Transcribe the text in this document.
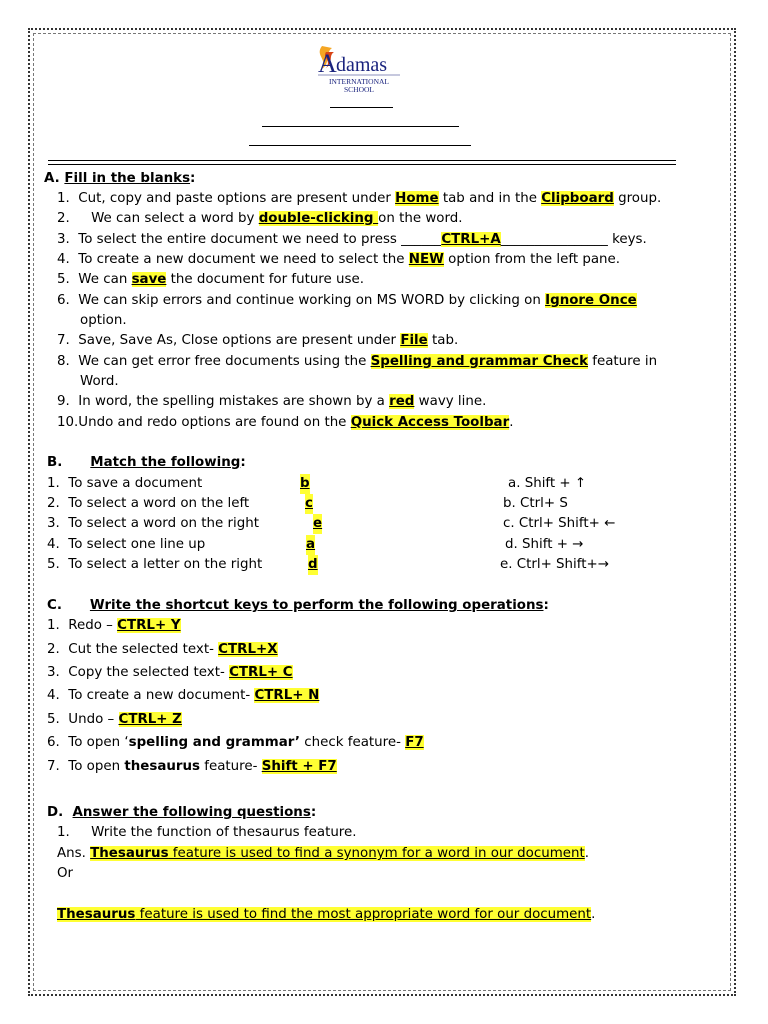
A damas
INTERNATIONAL
SCHOOL
A. Fill in the blanks:
1. Cut, copy and paste options are present under Home tab and in the Clipboard group.
2. We can select a word by double-clicking on the word.
3. To select the entire document we need to press ______CTRL+A________________ keys.
4. To create a new document we need to select the NEW option from the left pane.
5. We can save the document for future use.
6. We can skip errors and continue working on MS WORD by clicking on Ignore Once
option.
7. Save, Save As, Close options are present under File tab.
8. We can get error free documents using the Spelling and grammar Check feature in
Word.
9. In word, the spelling mistakes are shown by a red wavy line.
10.Undo and redo options are found on the Quick Access Toolbar.
B. Match the following:
1. To save a document	b	a. Shift + ↑
2. To select a word on the left	c	b. Ctrl+ S
3. To select a word on the right	e	c. Ctrl+ Shift+ ←
4. To select one line up	a	d. Shift + →
5. To select a letter on the right	d	e. Ctrl+ Shift+→
C. Write the shortcut keys to perform the following operations:
1. Redo – CTRL+ Y
2. Cut the selected text- CTRL+X
3. Copy the selected text- CTRL+ C
4. To create a new document- CTRL+ N
5. Undo – CTRL+ Z
6. To open ‘spelling and grammar’ check feature- F7
7. To open thesaurus feature- Shift + F7
D. Answer the following questions:
1. Write the function of thesaurus feature.
Ans. Thesaurus feature is used to find a synonym for a word in our document.
Or
Thesaurus feature is used to find the most appropriate word for our document.
